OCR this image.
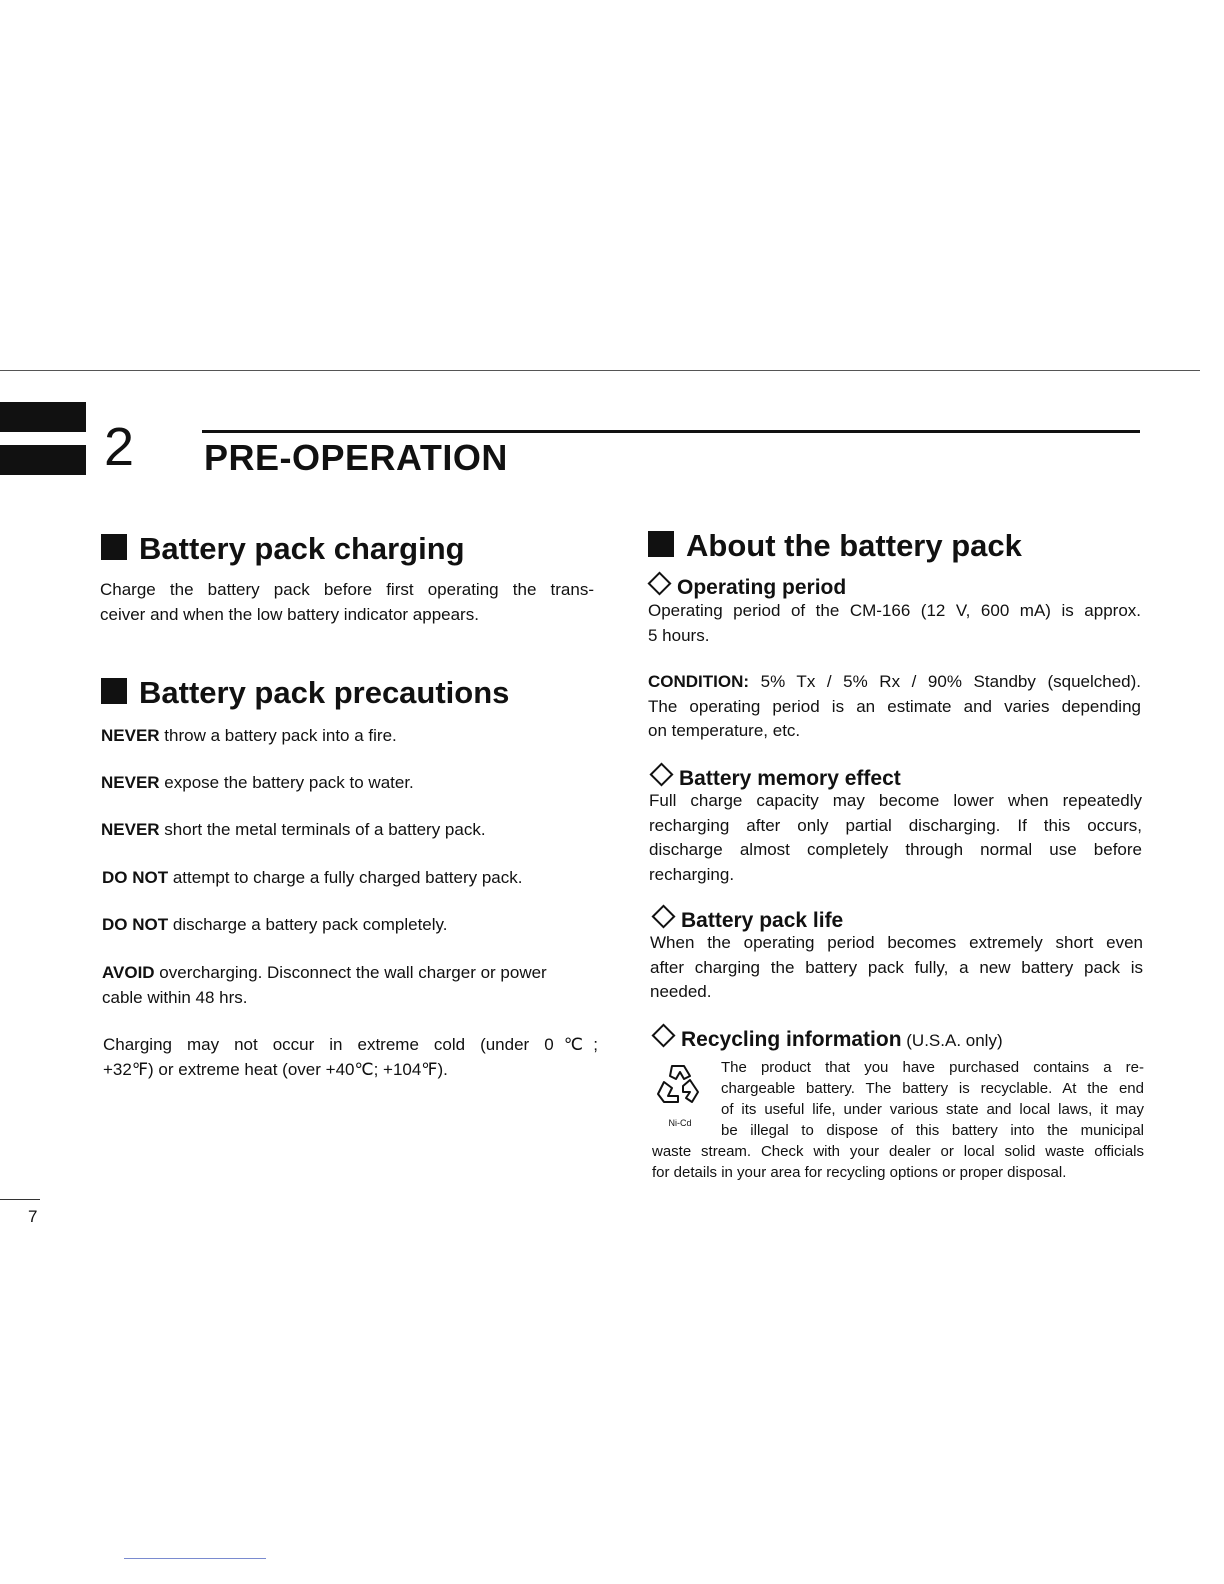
2 PRE-OPERATION
Battery pack charging
Charge the battery pack before first operating the trans-
ceiver and when the low battery indicator appears.
Battery pack precautions
NEVER throw a battery pack into a fire.
NEVER expose the battery pack to water.
NEVER short the metal terminals of a battery pack.
DO NOT attempt to charge a fully charged battery pack.
DO NOT discharge a battery pack completely.
AVOID overcharging. Disconnect the wall charger or power
cable within 48 hrs.
Charging may not occur in extreme cold (under 0℃;
+32℉) or extreme heat (over +40℃; +104℉).
About the battery pack
Operating period
Operating period of the CM-166 (12 V, 600 mA) is approx.
5 hours.
CONDITION: 5% Tx / 5% Rx / 90% Standby (squelched).
The operating period is an estimate and varies depending
on temperature, etc.
Battery memory effect
Full charge capacity may become lower when repeatedly
recharging after only partial discharging. If this occurs,
discharge almost completely through normal use before
recharging.
Battery pack life
When the operating period becomes extremely short even
after charging the battery pack fully, a new battery pack is
needed.
Recycling information (U.S.A. only)
Ni-Cd
The product that you have purchased contains a re-
chargeable battery. The battery is recyclable. At the end
of its useful life, under various state and local laws, it may
be illegal to dispose of this battery into the municipal
waste stream. Check with your dealer or local solid waste officials
for details in your area for recycling options or proper disposal.
7
